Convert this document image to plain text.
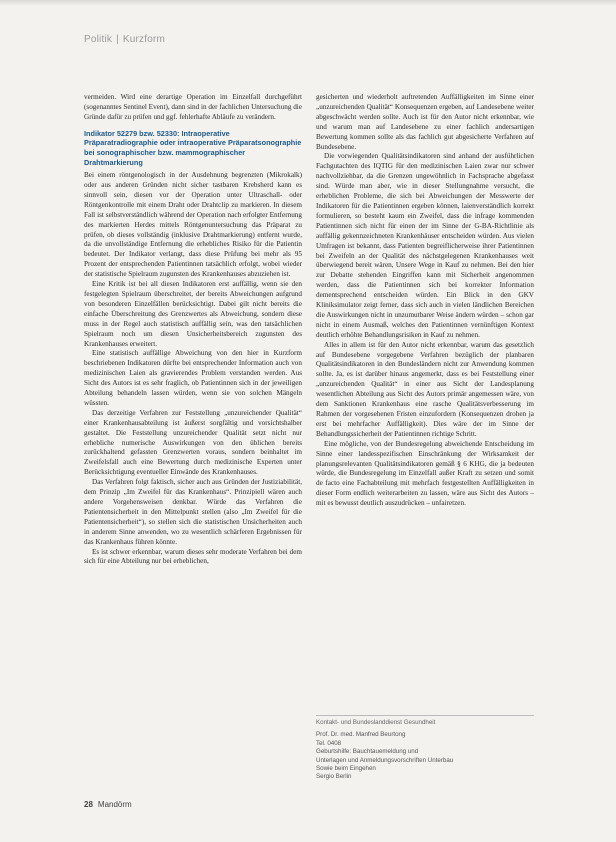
Politik | Kurzform

vermeiden. Wird eine derartige Operation im Einzelfall durchgeführt (sogenanntes Sentinel Event), dann sind in der fachlichen Untersuchung die Gründe dafür zu prüfen und ggf. fehlerhafte Abläufe zu verändern.

Indikator 52279 bzw. 52330: Intraoperative Präparatradiographie oder intraoperative Präparatsonographie bei sonographischer bzw. mammographischer Drahtmarkierung

Bei einem röntgenologisch in der Ausdehnung begrenzten (Mikrokalk) oder aus anderen Gründen nicht sicher tastbaren Krebsherd kann es sinnvoll sein, diesen vor der Operation unter Ultraschall- oder Röntgenkontrolle mit einem Draht oder Drahtclip zu markieren. In diesem Fall ist selbstverständlich während der Operation nach erfolgter Entfernung des markierten Herdes mittels Röntgenuntersuchung das Präparat zu prüfen, ob dieses vollständig (inklusive Drahtmarkierung) entfernt wurde, da die unvollständige Entfernung die erhebliches Risiko für die Patientin bedeutet. Der Indikator verlangt, dass diese Prüfung bei mehr als 95 Prozent der entsprechenden Patientinnen tatsächlich erfolgt, wobei wieder der statistische Spielraum zugunsten des Krankenhauses abzuziehen ist.

Eine Kritik ist bei all diesen Indikatoren erst auffällig, wenn sie den festgelegten Spielraum überschreitet, der bereits Abweichungen aufgrund von besonderen Einzelfällen berücksichtigt. Dabei gilt nicht bereits die einfache Überschreitung des Grenzwertes als Abweichung, sondern diese muss in der Regel auch statistisch auffällig sein, was den tatsächlichen Spielraum noch um diesen Unsicherheitsbereich zugunsten des Krankenhauses erweitert.

Eine statistisch auffällige Abweichung von den hier in Kurzform beschriebenen Indikatoren dürfte bei entsprechender Information auch von medizinischen Laien als gravierendes Problem verstanden werden. Aus Sicht des Autors ist es sehr fraglich, ob Patientinnen sich in der jeweiligen Abteilung behandeln lassen würden, wenn sie von solchen Mängeln wüssten.

Das derzeitige Verfahren zur Feststellung „unzureichender Qualität“ einer Krankenhausabteilung ist äußerst sorgfältig und vorsichtshalber gestaltet. Die Feststellung unzureichender Qualität setzt nicht nur erhebliche numerische Auswirkungen von den üblichen bereits zurückhaltend gefassten Grenzwerten voraus, sondern beinhaltet im Zweifelsfall auch eine Bewertung durch medizinische Experten unter Berücksichtigung eventueller Einwände des Krankenhauses.

Das Verfahren folgt faktisch, sicher auch aus Gründen der Justiziabilität, dem Prinzip „Im Zweifel für das Krankenhaus“. Prinzipiell wären auch andere Vorgehensweisen denkbar. Würde das Verfahren die Patientensicherheit in den Mittelpunkt stellen (also „Im Zweifel für die Patientensicherheit“), so stellen sich die statistischen Unsicherheiten auch in anderem Sinne anwenden, wo zu wesentlich schärferen Ergebnissen für das Krankenhaus führen könnte.

Es ist schwer erkennbar, warum dieses sehr moderate Verfahren bei dem sich für eine Abteilung nur bei erheblichen,

gesicherten und wiederholt auftretenden Auffälligkeiten im Sinne einer „unzureichenden Qualität“ Konsequenzen ergeben, auf Landesebene weiter abgeschwächt werden sollte. Auch ist für den Autor nicht erkennbar, wie und warum man auf Landesebene zu einer fachlich andersartigen Bewertung kommen sollte als das fachlich gut abgesicherte Verfahren auf Bundesebene.

Die vorwiegenden Qualitätsindikatoren sind anhand der ausführlichen Fachgutachten des IQTIG für den medizinischen Laien zwar nur schwer nachvollziehbar, da die Grenzen ungewöhnlich in Fachsprache abgefasst sind. Würde man aber, wie in dieser Stellungnahme versucht, die erheblichen Probleme, die sich bei Abweichungen der Messwerte der Indikatoren für die Patientinnen ergeben können, laienverständlich korrekt formulieren, so besteht kaum ein Zweifel, dass die infrage kommenden Patientinnen sich nicht für einen der im Sinne der G-BA-Richtlinie als auffällig gekennzeichneten Krankenhäuser entscheiden würden. Aus vielen Umfragen ist bekannt, dass Patienten begreiflicherweise ihrer Patientinnen bei Zweifeln an der Qualität des nächstgelegenen Krankenhauses weit überwiegend bereit wären, Unsere Wege in Kauf zu nehmen. Bei den hier zur Debatte stehenden Eingriffen kann mit Sicherheit angenommen werden, dass die Patientinnen sich bei korrekter Information dementsprechend entscheiden würden. Ein Blick in den GKV Kliniksimulator zeigt ferner, dass sich auch in vielen ländlichen Bereichen die Auswirkungen nicht in unzumutbarer Weise ändern würden – schon gar nicht in einem Ausmaß, welches den Patientinnen vernünftigen Kontext deutlich erhöhte Behandlungsrisiken in Kauf zu nehmen.

Alles in allem ist für den Autor nicht erkennbar, warum das gesetzlich auf Bundesebene vorgegebene Verfahren bezüglich der planbaren Qualitätsindikatoren in den Bundesländern nicht zur Anwendung kommen sollte. Ja, es ist darüber hinaus angemerkt, dass es bei Feststellung einer „unzureichenden Qualität“ in einer aus Sicht der Landesplanung wesentlichen Abteilung aus Sicht des Autors primär angemessen wäre, von dem Sanktionen Krankenhaus eine rasche Qualitätsverbesserung im Rahmen der vorgesehenen Fristen einzufordern (Konsequenzen drohen ja erst bei mehrfacher Auffälligkeit). Dies wäre der im Sinne der Behandlungssicherheit der Patientinnen richtige Schritt.

Eine mögliche, von der Bundesregelung abweichende Entscheidung im Sinne einer landesspezifischen Einschränkung der Wirksamkeit der planungsrelevanten Qualitätsindikatoren gemäß § 6 KHG, die ja bedeuten würde, die Bundesregelung im Einzelfall außer Kraft zu setzen und somit de facto eine Fachabteilung mit mehrfach festgestellten Auffälligkeiten in dieser Form endlich weiterarbeiten zu lassen, wäre aus Sicht des Autors – mit es bewusst deutlich auszudrücken – unfairetzen.

Kontakt- und Bundeslanddienst Gesundheit
Prof. Dr. med. Manfred Beurtong
Tel. 0408
Geburtshilfe: Bauchtauemeldung und
Unterlagen und Anmeldungsvorschriften Unterbau
Sowie beim Eingehen
Sergio Berlin
28 Mandörm
